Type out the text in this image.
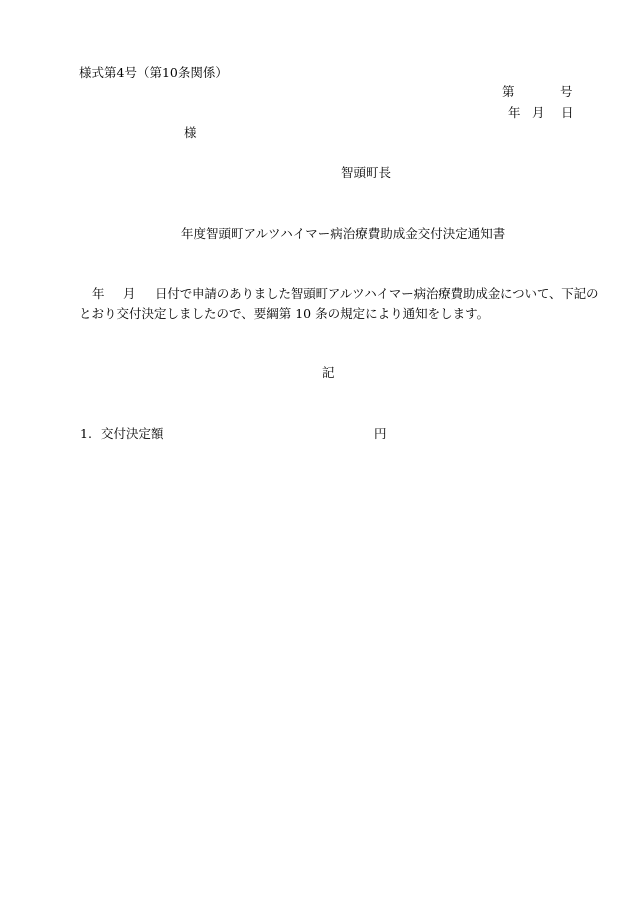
様式第4号（第10条関係）
第	号
年 月 日
様
智頭町長
年度智頭町アルツハイマー病治療費助成金交付決定通知書
年 月 日付で申請のありました智頭町アルツハイマー病治療費助成金について、下記の
とおり交付決定しましたので、要綱第 10 条の規定により通知をします。
記
1. 交付決定額	円
